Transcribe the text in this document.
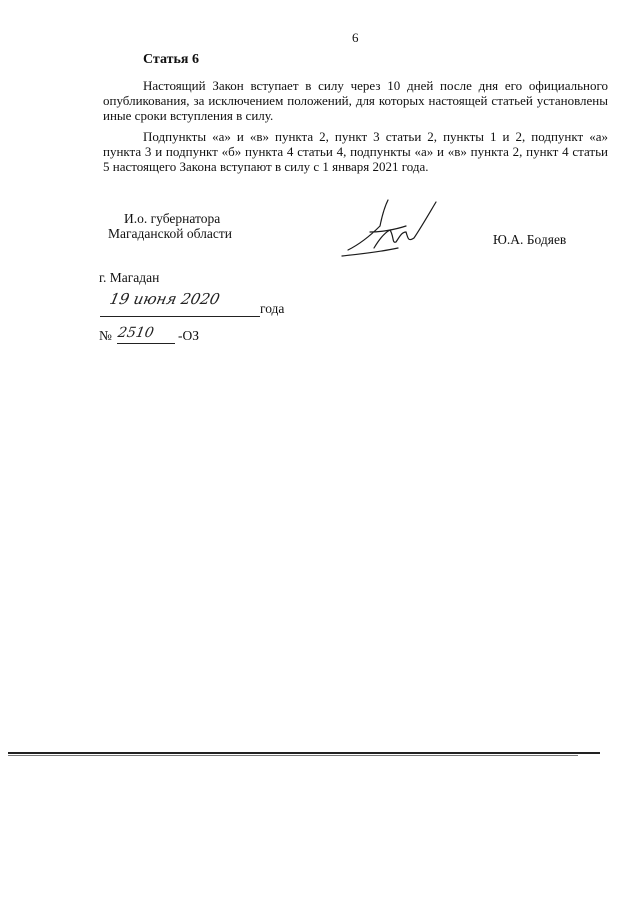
6
Статья 6
Настоящий Закон вступает в силу через 10 дней после дня его официального опубликования, за исключением положений, для которых настоящей статьей установлены иные сроки вступления в силу.
Подпункты «а» и «в» пункта 2, пункт 3 статьи 2, пункты 1 и 2, подпункт «а» пункта 3 и подпункт «б» пункта 4 статьи 4, подпункты «а» и «в» пункта 2, пункт 4 статьи 5 настоящего Закона вступают в силу с 1 января 2021 года.
И.о. губернатора
Магаданской области	Ю.А. Бодяев
г. Магадан
19 июня 2020
года
№ 2510 -ОЗ
